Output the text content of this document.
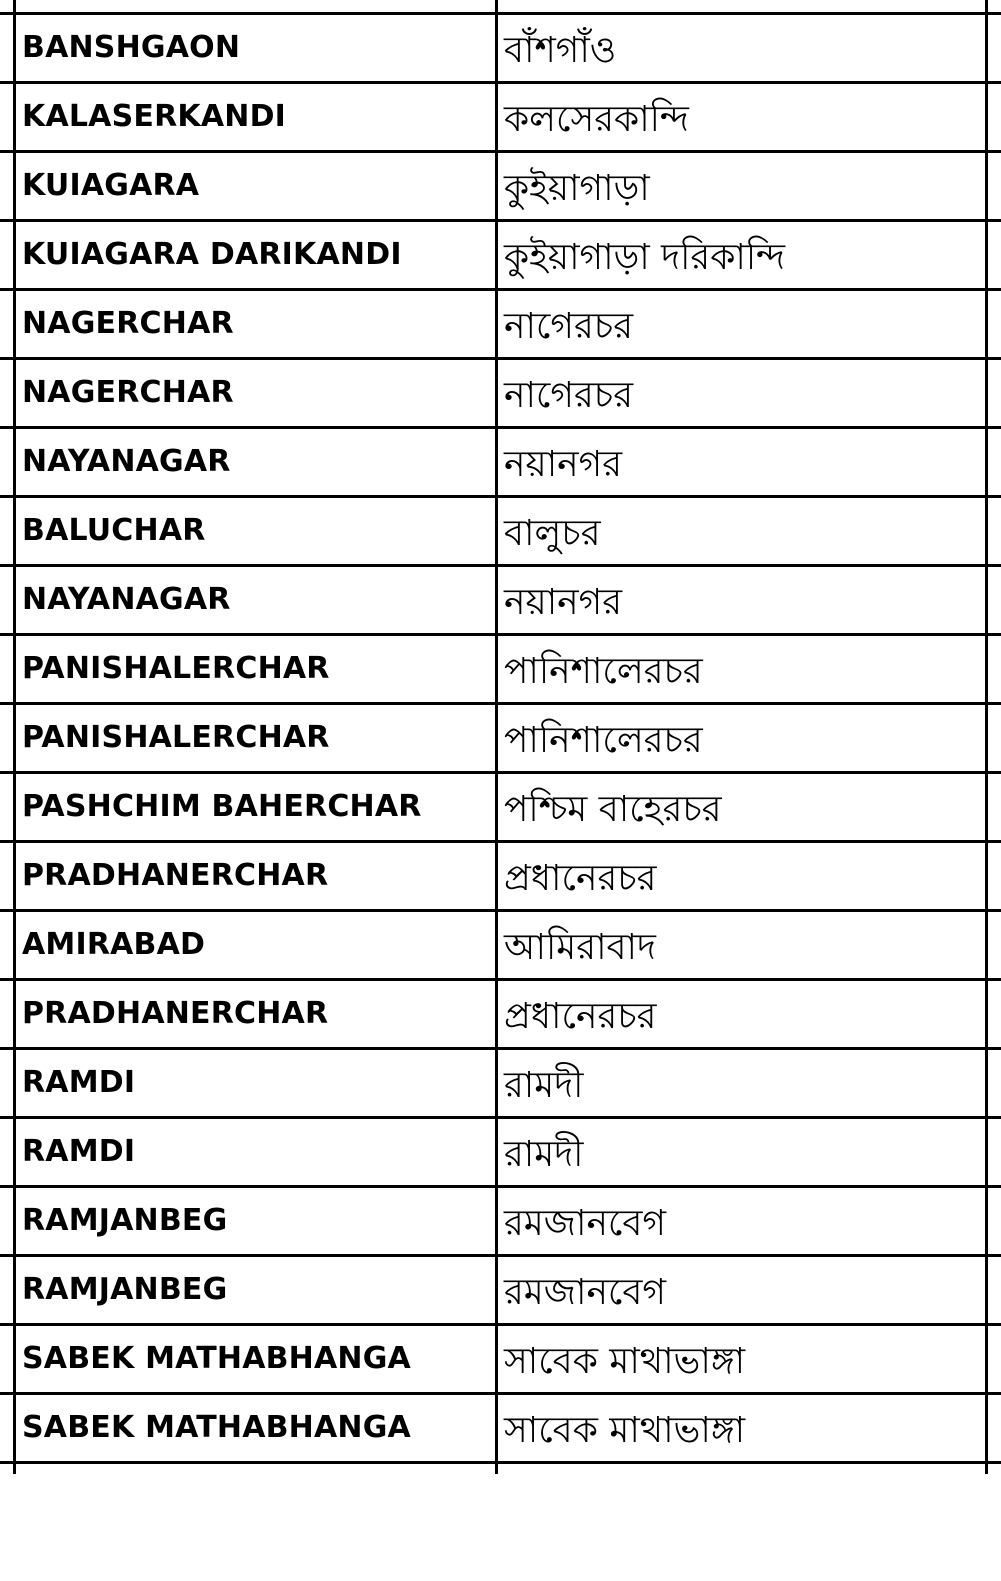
BANSHGAON	বাঁশগাঁও
KALASERKANDI	কলসেরকান্দি
KUIAGARA	কুইয়াগাড়া
KUIAGARA DARIKANDI	কুইয়াগাড়া দরিকান্দি
NAGERCHAR	নাগেরচর
NAGERCHAR	নাগেরচর
NAYANAGAR	নয়ানগর
BALUCHAR	বালুচর
NAYANAGAR	নয়ানগর
PANISHALERCHAR	পানিশালেরচর
PANISHALERCHAR	পানিশালেরচর
PASHCHIM BAHERCHAR পশ্চিম বাহেরচর
PRADHANERCHAR	প্রধানেরচর
AMIRABAD	আমিরাবাদ
PRADHANERCHAR	প্রধানেরচর
RAMDI	রামদী
RAMDI	রামদী
RAMJANBEG	রমজানবেগ
RAMJANBEG	রমজানবেগ
SABEK MATHABHANGA	সাবেক মাথাভাঙ্গা
SABEK MATHABHANGA	সাবেক মাথাভাঙ্গা
